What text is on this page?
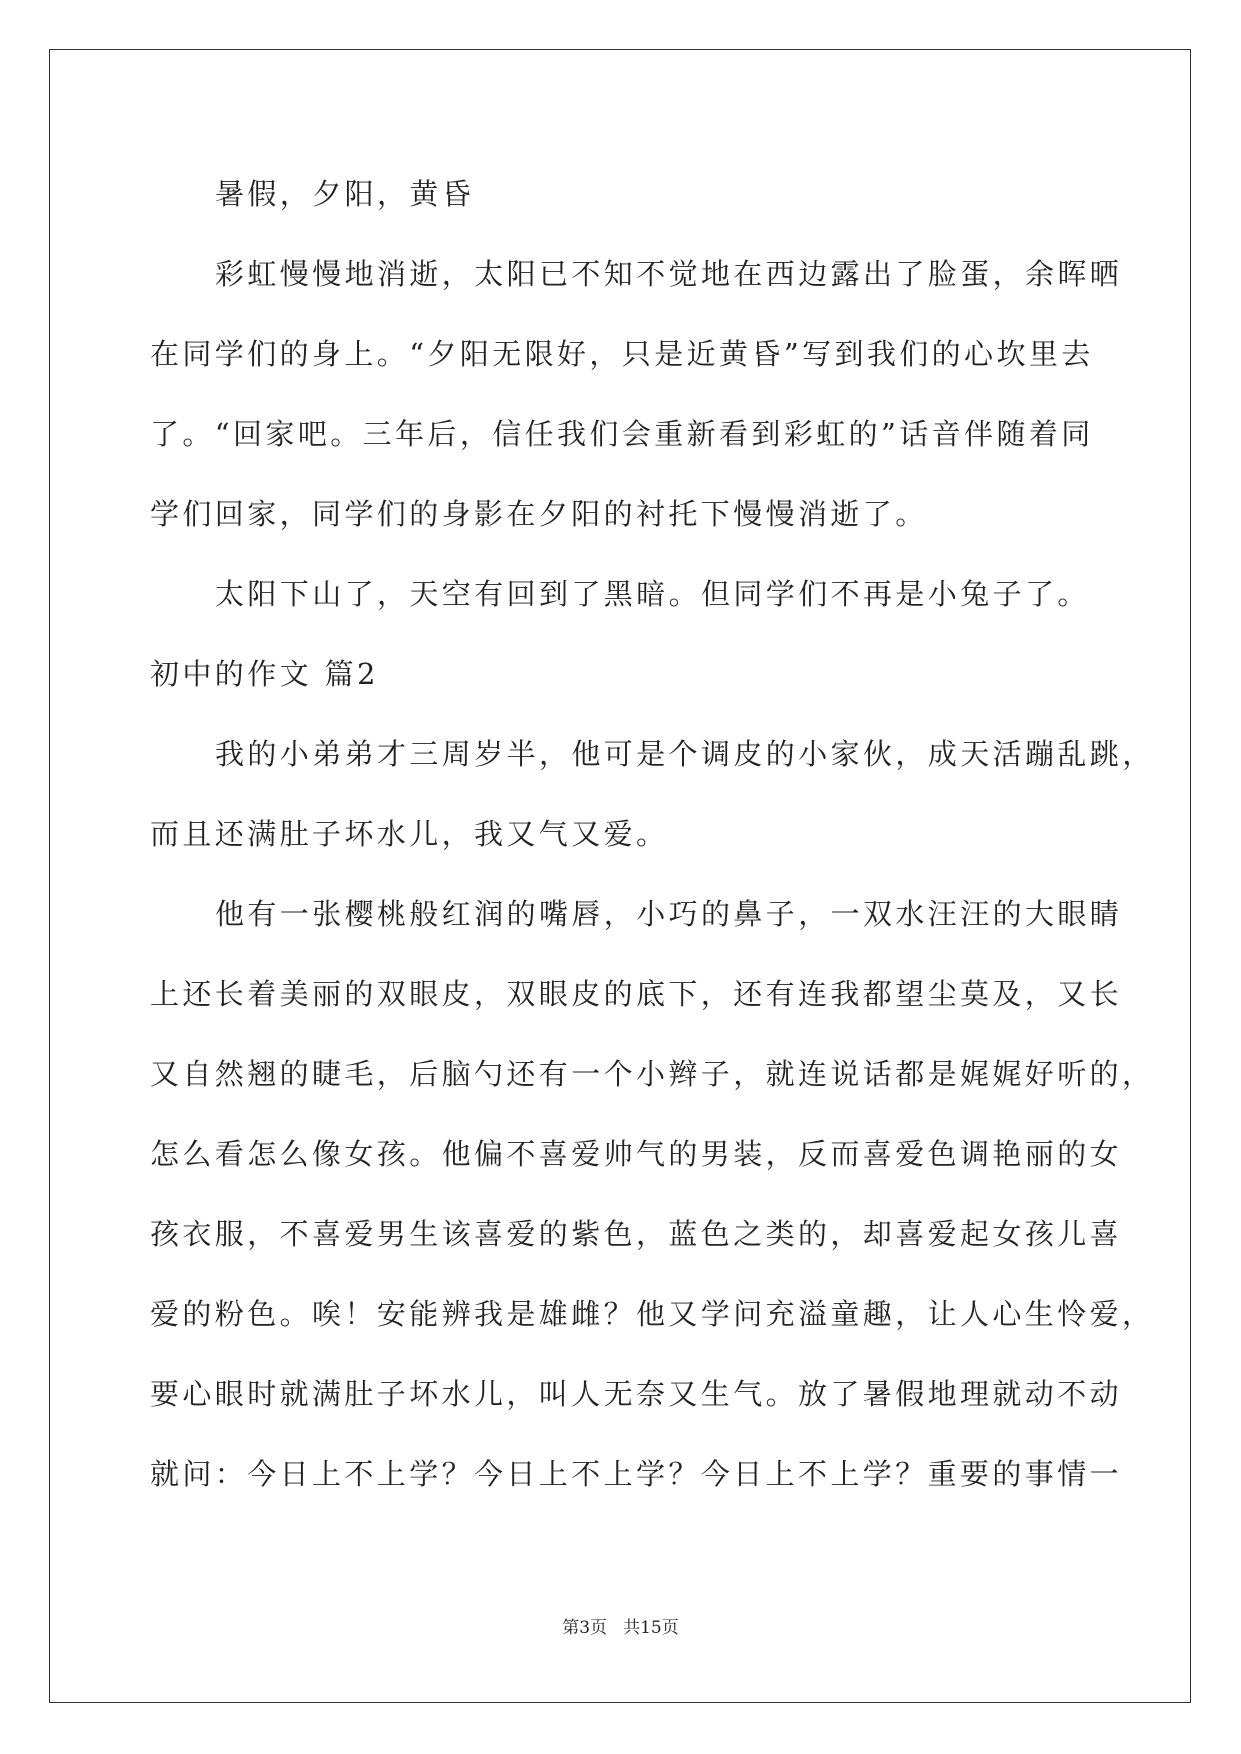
暑假，夕阳，黄昏
彩虹慢慢地消逝，太阳已不知不觉地在西边露出了脸蛋，余晖晒
在同学们的身上。“夕阳无限好，只是近黄昏”写到我们的心坎里去
了。“回家吧。三年后，信任我们会重新看到彩虹的”话音伴随着同
学们回家，同学们的身影在夕阳的衬托下慢慢消逝了。
太阳下山了，天空有回到了黑暗。但同学们不再是小兔子了。
初中的作文 篇2
我的小弟弟才三周岁半，他可是个调皮的小家伙，成天活蹦乱跳，
而且还满肚子坏水儿，我又气又爱。
他有一张樱桃般红润的嘴唇，小巧的鼻子，一双水汪汪的大眼睛
上还长着美丽的双眼皮，双眼皮的底下，还有连我都望尘莫及，又长
又自然翘的睫毛，后脑勺还有一个小辫子，就连说话都是娓娓好听的，
怎么看怎么像女孩。他偏不喜爱帅气的男装，反而喜爱色调艳丽的女
孩衣服，不喜爱男生该喜爱的紫色，蓝色之类的，却喜爱起女孩儿喜
爱的粉色。唉！安能辨我是雄雌？他又学问充溢童趣，让人心生怜爱，
要心眼时就满肚子坏水儿，叫人无奈又生气。放了暑假地理就动不动
就问：今日上不上学？今日上不上学？今日上不上学？重要的事情一
第3页 共15页
